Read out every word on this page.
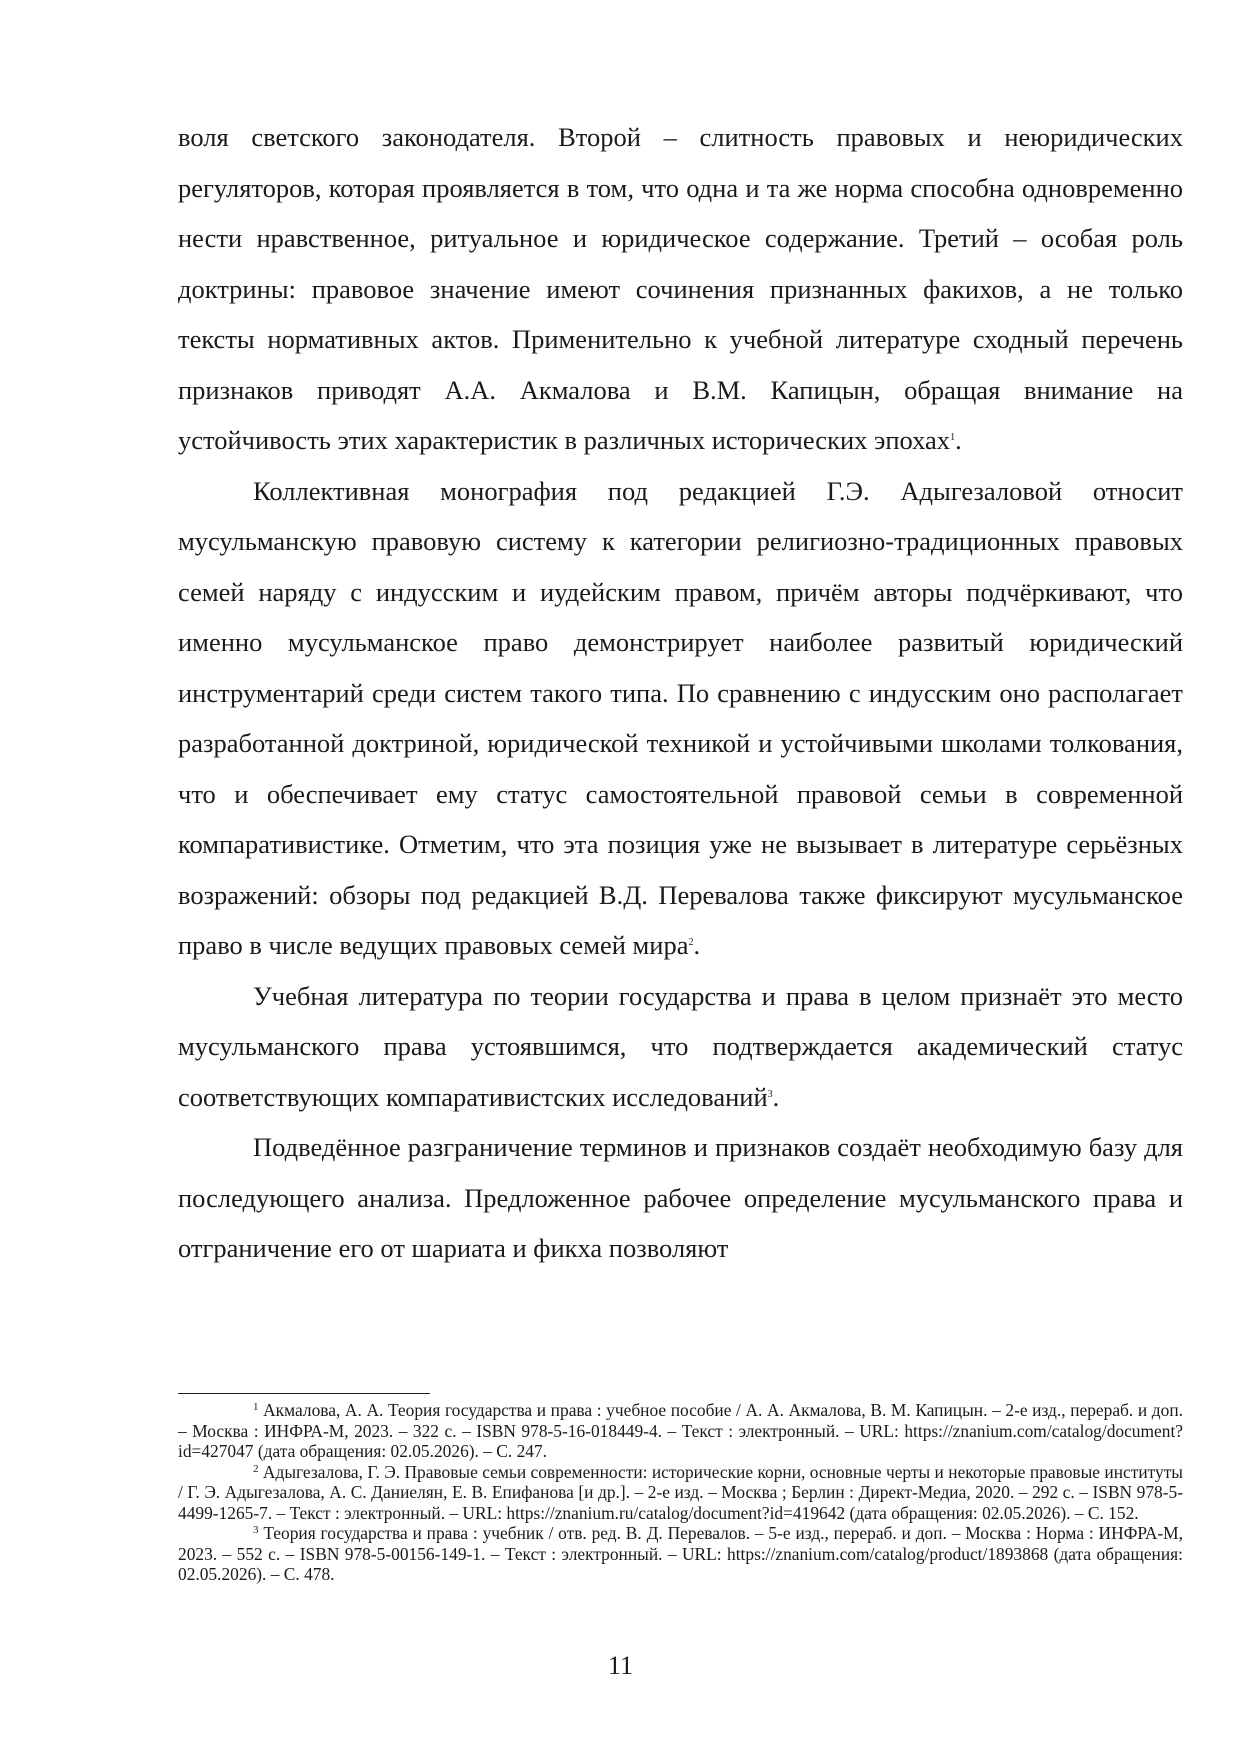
воля светского законодателя. Второй – слитность правовых и неюридических регуляторов, которая проявляется в том, что одна и та же норма способна одновременно нести нравственное, ритуальное и юридическое содержание. Третий – особая роль доктрины: правовое значение имеют сочинения признанных факихов, а не только тексты нормативных актов. Применительно к учебной литературе сходный перечень признаков приводят А.А. Акмалова и В.М. Капицын, обращая внимание на устойчивость этих характеристик в различных исторических эпохах$^1$.

Коллективная монография под редакцией Г.Э. Адыгезаловой относит мусульманскую правовую систему к категории религиозно-традиционных правовых семей наряду с индусским и иудейским правом, причём авторы подчёркивают, что именно мусульманское право демонстрирует наиболее развитый юридический инструментарий среди систем такого типа. По сравнению с индусским оно располагает разработанной доктриной, юридической техникой и устойчивыми школами толкования, что и обеспечивает ему статус самостоятельной правовой семьи в современной компаративистике. Отметим, что эта позиция уже не вызывает в литературе серьёзных возражений: обзоры под редакцией В.Д. Перевалова также фиксируют мусульманское право в числе ведущих правовых семей мира$^2$.

Учебная литература по теории государства и права в целом признаёт это место мусульманского права устоявшимся, что подтверждается академический статус соответствующих компаративистских исследований$^3$.

Подведённое разграничение терминов и признаков создаёт необходимую базу для последующего анализа. Предложенное рабочее определение мусульманского права и отграничение его от шариата и фикха позволяют

$^1$ Акмалова, А. А. Теория государства и права : учебное пособие / А. А. Акмалова, В. М. Капицын. – 2-е изд., перераб. и доп. – Москва : ИНФРА-М, 2023. – 322 с. – ISBN 978-5-16-018449-4. – Текст : электронный. – URL: https://znanium.com/catalog/document?id=427047 (дата обращения: 02.05.2026). – С. 247.

$^2$ Адыгезалова, Г. Э. Правовые семьи современности: исторические корни, основные черты и некоторые правовые институты / Г. Э. Адыгезалова, А. С. Даниелян, Е. В. Епифанова [и др.]. – 2-е изд. – Москва ; Берлин : Директ-Медиа, 2020. – 292 с. – ISBN 978-5-4499-1265-7. – Текст : электронный. – URL: https://znanium.ru/catalog/document?id=419642 (дата обращения: 02.05.2026). – С. 152.

$^3$ Теория государства и права : учебник / отв. ред. В. Д. Перевалов. – 5-е изд., перераб. и доп. – Москва : Норма : ИНФРА-М, 2023. – 552 с. – ISBN 978-5-00156-149-1. – Текст : электронный. – URL: https://znanium.com/catalog/product/1893868 (дата обращения: 02.05.2026). – С. 478.

11
